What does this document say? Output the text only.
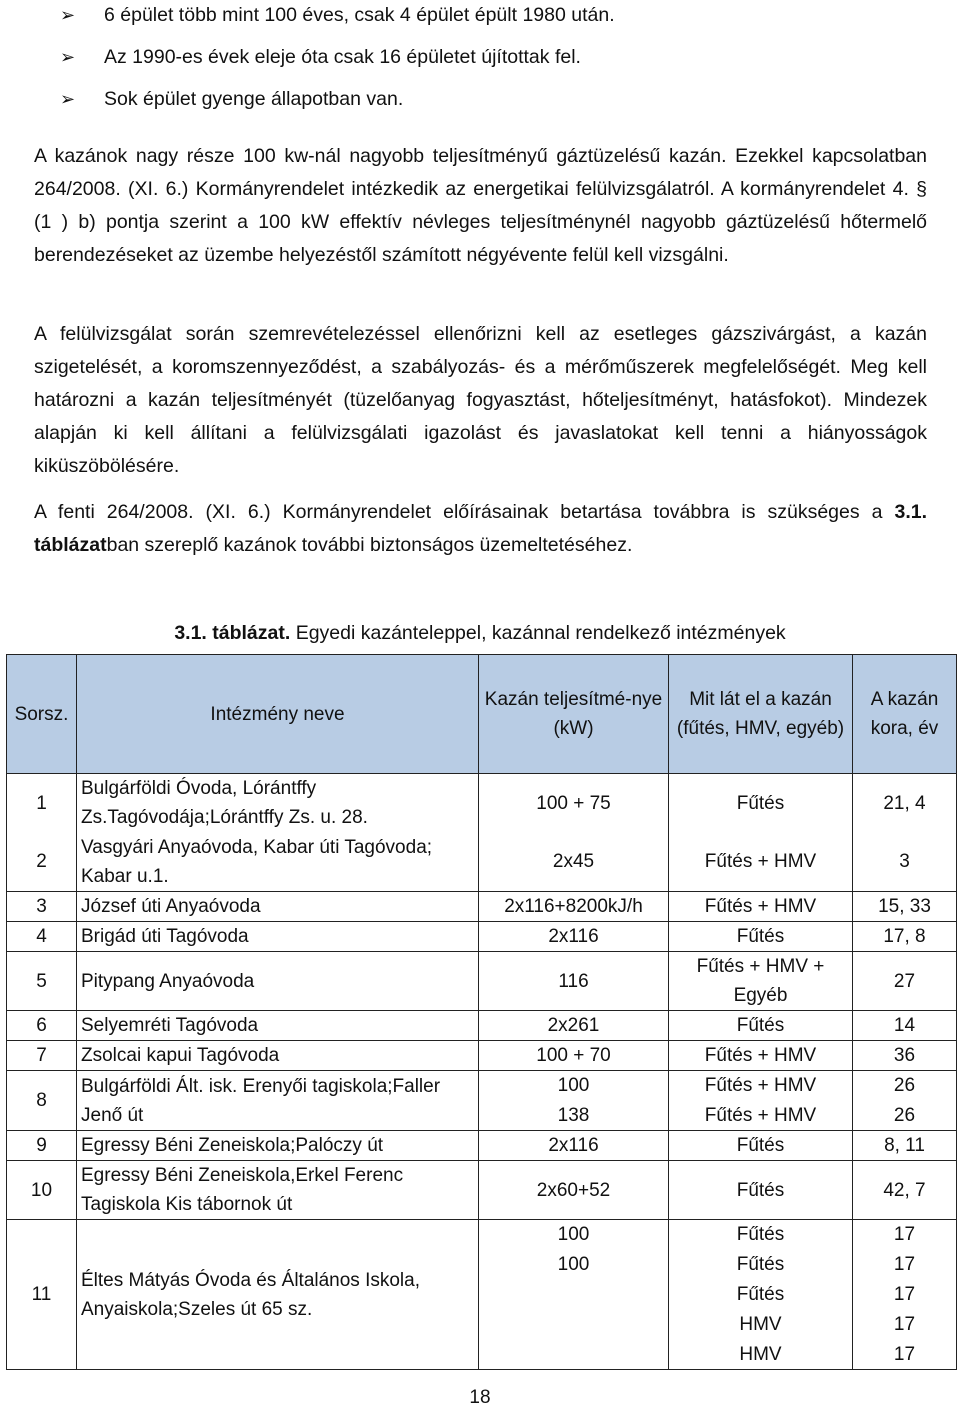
➢	6 épület több mint 100 éves, csak 4 épület épült 1980 után.
➢	Az 1990-es évek eleje óta csak 16 épületet újítottak fel.
➢	Sok épület gyenge állapotban van.
A kazánok nagy része 100 kw-nál nagyobb teljesítményű gáztüzelésű kazán. Ezekkel kapcsolatban 264/2008. (XI. 6.) Kormányrendelet intézkedik az energetikai felülvizsgálatról. A kormányrendelet 4. § (1 ) b) pontja szerint a 100 kW effektív névleges teljesítménynél nagyobb gáztüzelésű hőtermelő berendezéseket az üzembe helyezéstől számított négyévente felül kell vizsgálni.
A felülvizsgálat során szemrevételezéssel ellenőrizni kell az esetleges gázszivárgást, a kazán szigetelését, a koromszennyeződést, a szabályozás- és a mérőműszerek megfelelőségét. Meg kell határozni a kazán teljesítményét (tüzelőanyag fogyasztást, hőteljesítményt, hatásfokot). Mindezek alapján ki kell állítani a felülvizsgálati igazolást és javaslatokat kell tenni a hiányosságok kiküszöbölésére.
A fenti 264/2008. (XI. 6.) Kormányrendelet előírásainak betartása továbbra is szükséges a 3.1. táblázatban szereplő kazánok további biztonságos üzemeltetéséhez.
3.1. táblázat. Egyedi kazánteleppel, kazánnal rendelkező intézmények
Sorsz.	Intézmény neve	Kazán teljesítmé-nye (kW)	Mit lát el a kazán (fűtés, HMV, egyéb)	A kazán kora, év
1	Bulgárföldi Óvoda, Lórántffy Zs.Tagóvodája;Lórántffy Zs. u. 28.	100 + 75	Fűtés	21, 4
2	Vasgyári Anyaóvoda, Kabar úti Tagóvoda; Kabar u.1.	2x45	Fűtés + HMV	3
3	József úti Anyaóvoda	2x116+8200kJ/h	Fűtés + HMV	15, 33
4	Brigád úti Tagóvoda	2x116	Fűtés	17, 8
5	Pitypang Anyaóvoda	116	Fűtés + HMV + Egyéb	27
6	Selyemréti Tagóvoda	2x261	Fűtés	14
7	Zsolcai kapui Tagóvoda	100 + 70	Fűtés + HMV	36
8	Bulgárföldi Ált. isk. Erenyői tagiskola;Faller Jenő út	100	Fűtés + HMV	26
		138	Fűtés + HMV	26
9	Egressy Béni Zeneiskola;Palóczy út	2x116	Fűtés	8, 11
10	Egressy Béni Zeneiskola,Erkel Ferenc Tagiskola Kis tábornok út	2x60+52	Fűtés	42, 7
11	Éltes Mátyás Óvoda és Általános Iskola, Anyaiskola;Szeles út 65 sz.	100	Fűtés	17
		100	Fűtés	17
			Fűtés	17
			HMV	17
			HMV	17
18
